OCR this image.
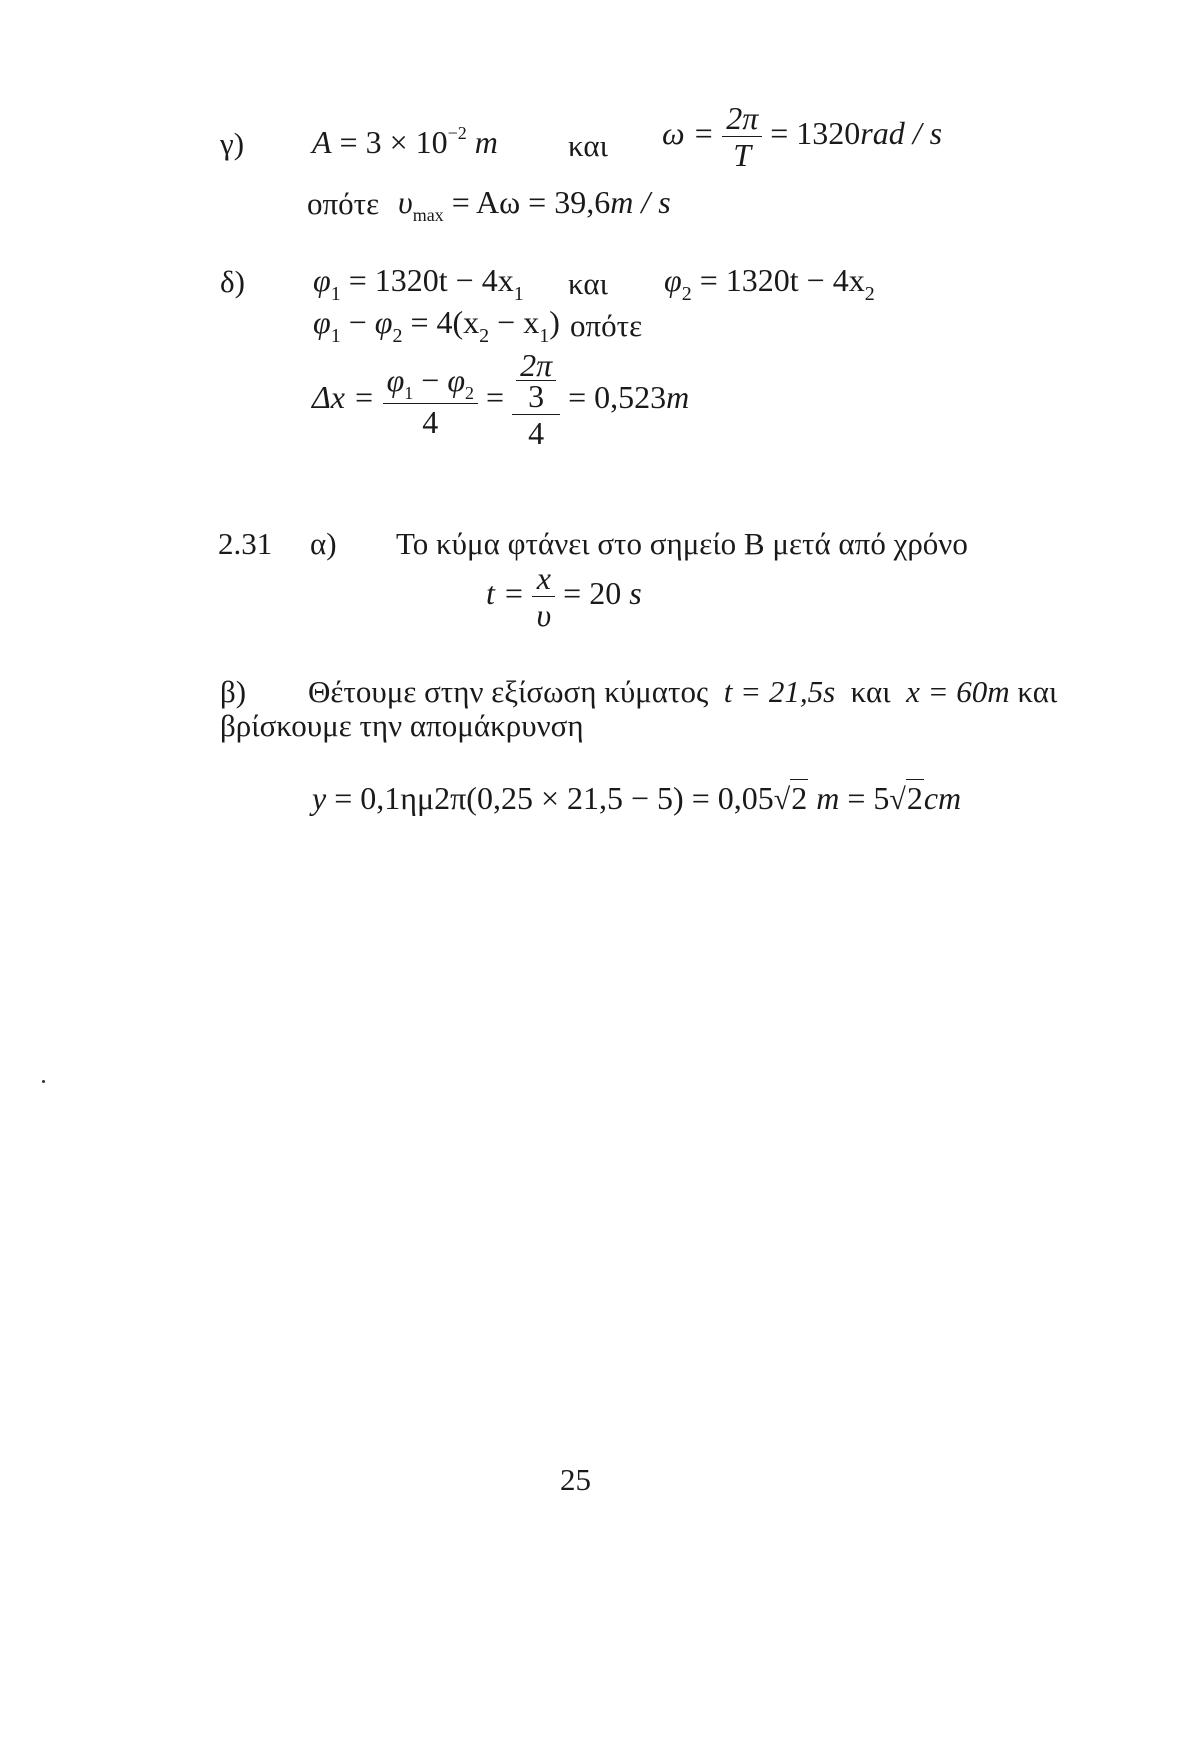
γ) $A = 3 \times 10^{-2}$ m και $\omega = \frac{2\pi}{T} = 1320rad / s$
οπότε $\upsilon_{max} = A\omega = 39,6m / s$
δ) $\varphi_1 = 1320t - 4x_1$ και $\varphi_2 = 1320t - 4x_2$
$\varphi_1 - \varphi_2 = 4(x_2 - x_1)$ οπότε
$\Delta x = \frac{\varphi_1 - \varphi_2}{4} = \frac{\frac{2\pi}{3}}{4} = 0,523m$
2.31 α) Το κύμα φτάνει στο σημείο Β μετά από χρόνο
$t = \frac{x}{\upsilon} = 20$ s
β) Θέτουμε στην εξίσωση κύματος t = 21,5s και x = 60m και
βρίσκουμε την απομάκρυνση
y = 0,1ημ2π(0,25 × 21,5 − 5) = 0,05√2 m = 5√2cm
25
